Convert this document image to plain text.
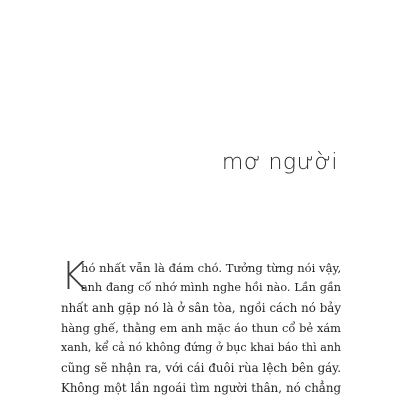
mơ người
K

hó nhất vẫn là đám chó. Tưởng từng nói vậy,
anh đang cố nhớ mình nghe hồi nào. Lần gần
nhất anh gặp nó là ở sân tòa, ngồi cách nó bảy
hàng ghế, thằng em anh mặc áo thun cổ bẻ xám
xanh, kể cả nó không đứng ở bục khai báo thì anh
cũng sẽ nhận ra, với cái đuôi rùa lệch bên gáy.
Không một lần ngoái tìm người thân, nó chẳng
